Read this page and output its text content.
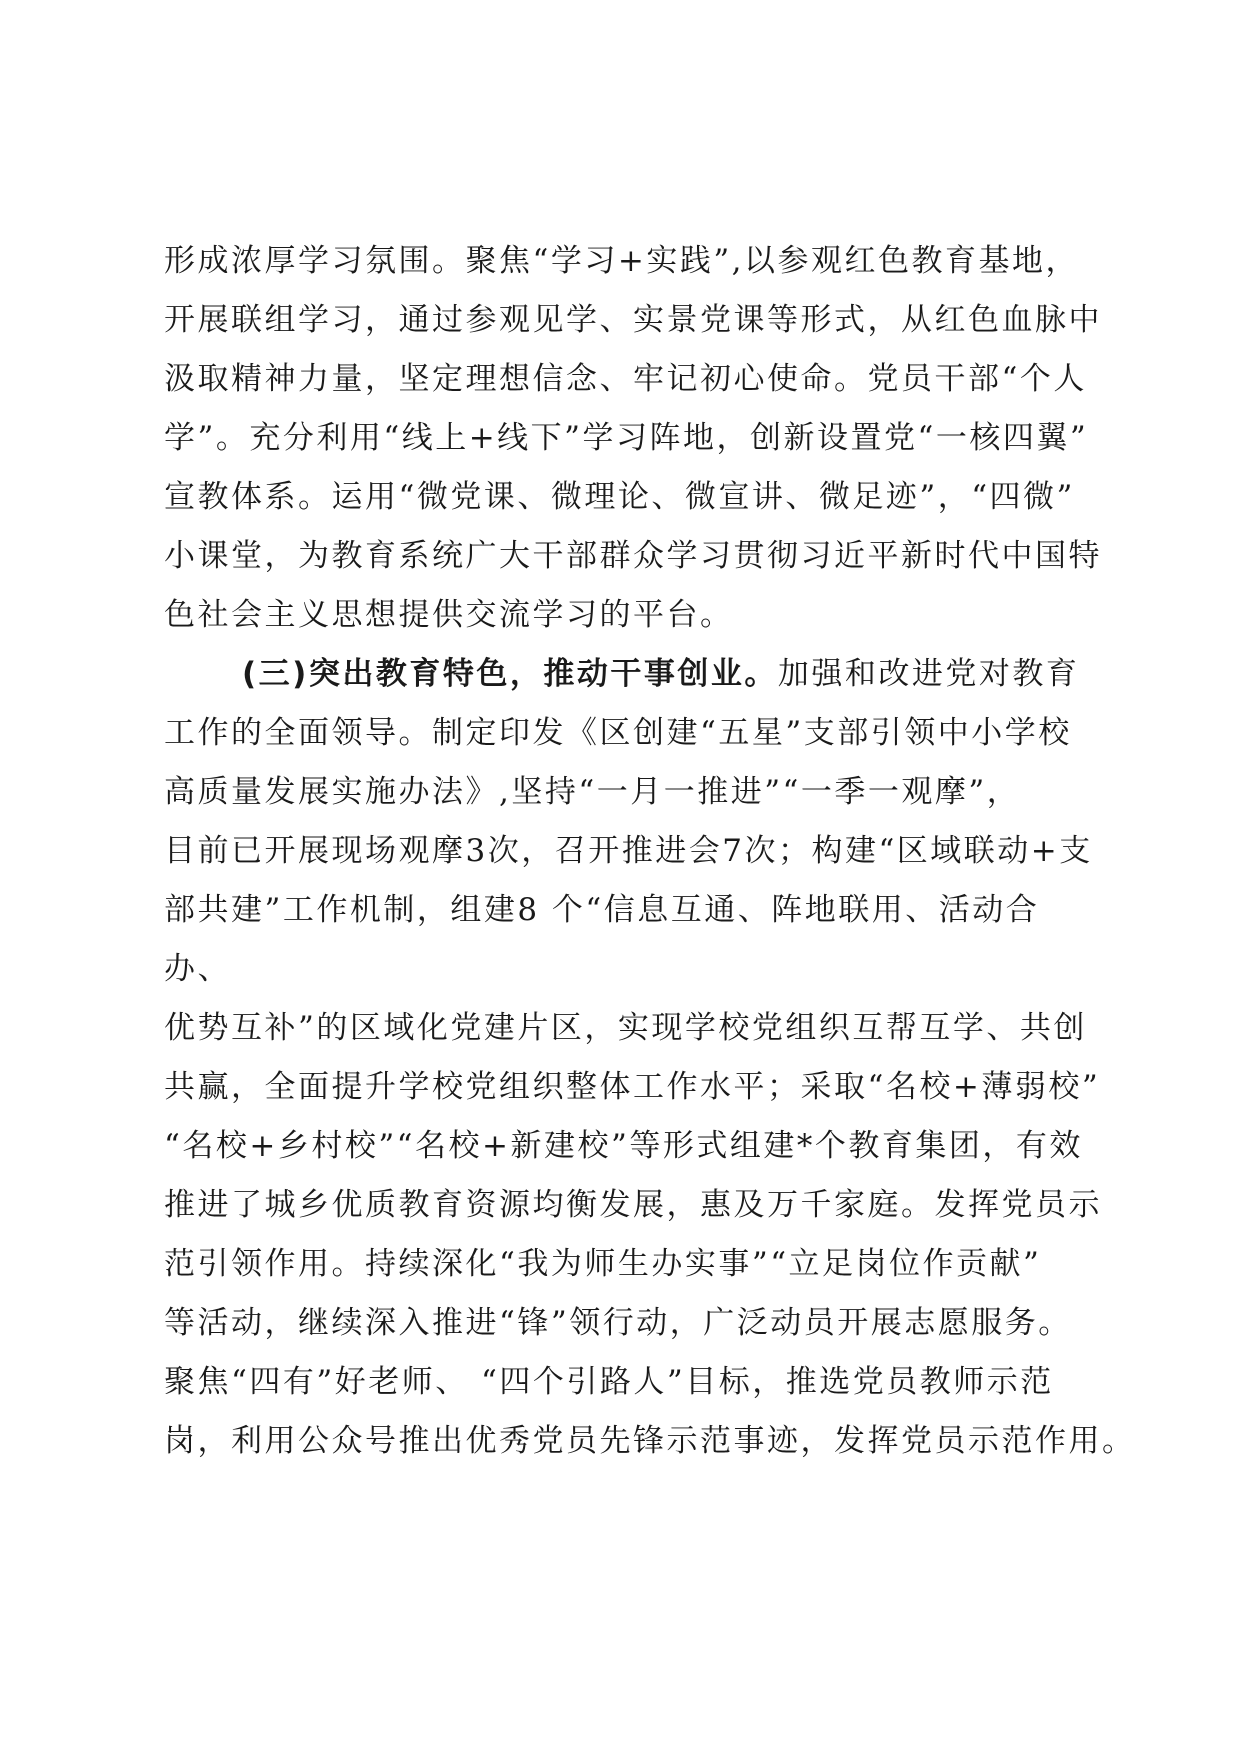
形成浓厚学习氛围。聚焦“学习+实践”,以参观红色教育基地，
开展联组学习，通过参观见学、实景党课等形式，从红色血脉中
汲取精神力量，坚定理想信念、牢记初心使命。党员干部“个人
学”。充分利用“线上+线下”学习阵地，创新设置党“一核四翼”
宣教体系。运用“微党课、微理论、微宣讲、微足迹”，“四微”
小课堂，为教育系统广大干部群众学习贯彻习近平新时代中国特
色社会主义思想提供交流学习的平台。
(三)突出教育特色，推动干事创业。加强和改进党对教育
工作的全面领导。制定印发《区创建“五星”支部引领中小学校
高质量发展实施办法》,坚持“一月一推进”“一季一观摩”，
目前已开展现场观摩3次，召开推进会7次；构建“区域联动+支
部共建”工作机制，组建8 个“信息互通、阵地联用、活动合
办、
优势互补”的区域化党建片区，实现学校党组织互帮互学、共创
共赢，全面提升学校党组织整体工作水平；采取“名校+薄弱校”
“名校+乡村校”“名校+新建校”等形式组建*个教育集团，有效
推进了城乡优质教育资源均衡发展，惠及万千家庭。发挥党员示
范引领作用。持续深化“我为师生办实事”“立足岗位作贡献”
等活动，继续深入推进“锋”领行动，广泛动员开展志愿服务。
聚焦“四有”好老师、 “四个引路人”目标，推选党员教师示范
岗，利用公众号推出优秀党员先锋示范事迹，发挥党员示范作用。
